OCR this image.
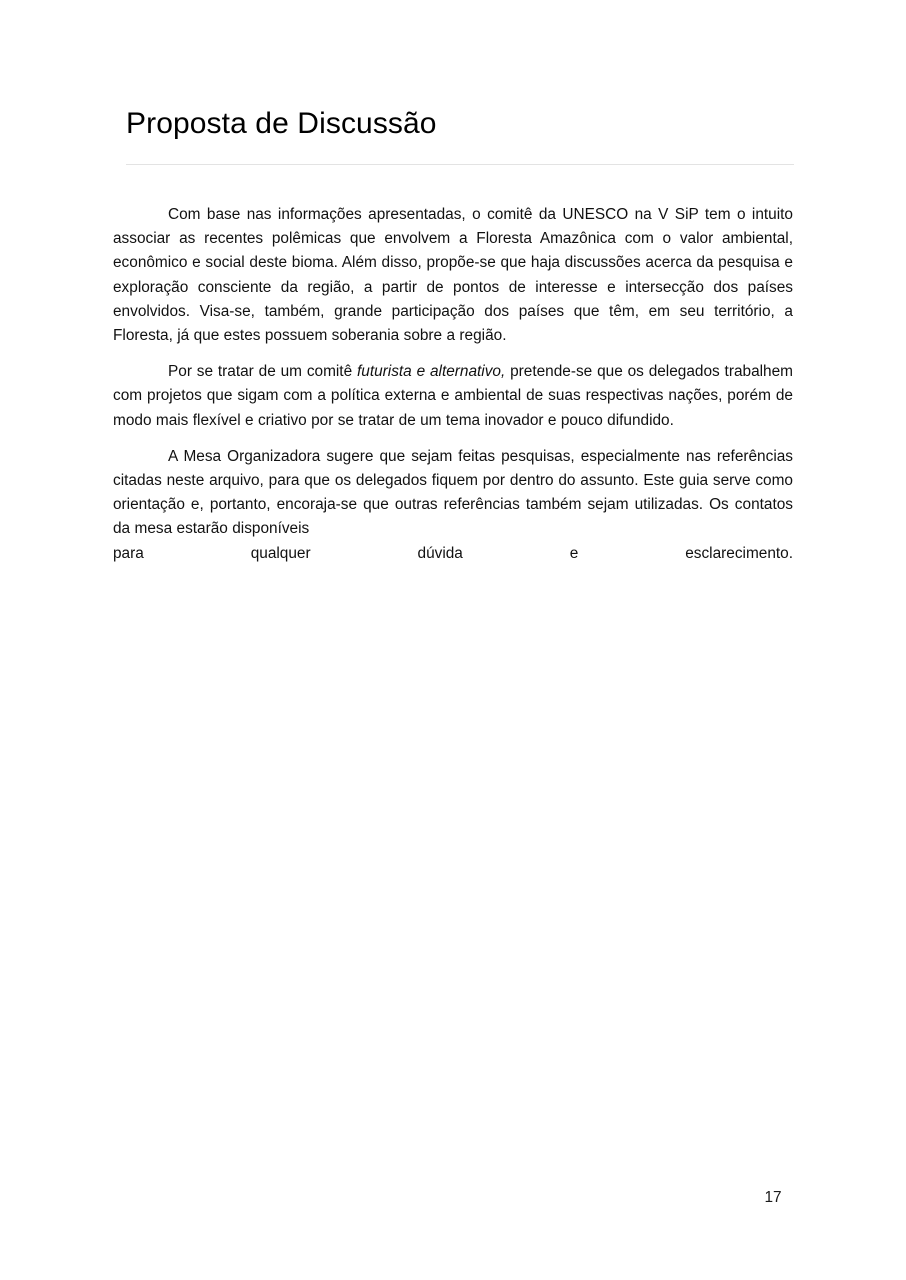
Proposta de Discussão

Com base nas informações apresentadas, o comitê da UNESCO na V SiP tem o intuito associar as recentes polêmicas que envolvem a Floresta Amazônica com o valor ambiental, econômico e social deste bioma. Além disso, propõe-se que haja discussões acerca da pesquisa e exploração consciente da região, a partir de pontos de interesse e intersecção dos países envolvidos. Visa-se, também, grande participação dos países que têm, em seu território, a Floresta, já que estes possuem soberania sobre a região.

Por se tratar de um comitê futurista e alternativo, pretende-se que os delegados trabalhem com projetos que sigam com a política externa e ambiental de suas respectivas nações, porém de modo mais flexível e criativo por se tratar de um tema inovador e pouco difundido.

A Mesa Organizadora sugere que sejam feitas pesquisas, especialmente nas referências citadas neste arquivo, para que os delegados fiquem por dentro do assunto. Este guia serve como orientação e, portanto, encoraja-se que outras referências também sejam utilizadas. Os contatos da mesa estarão disponíveis
para qualquer dúvida e esclarecimento.

17
